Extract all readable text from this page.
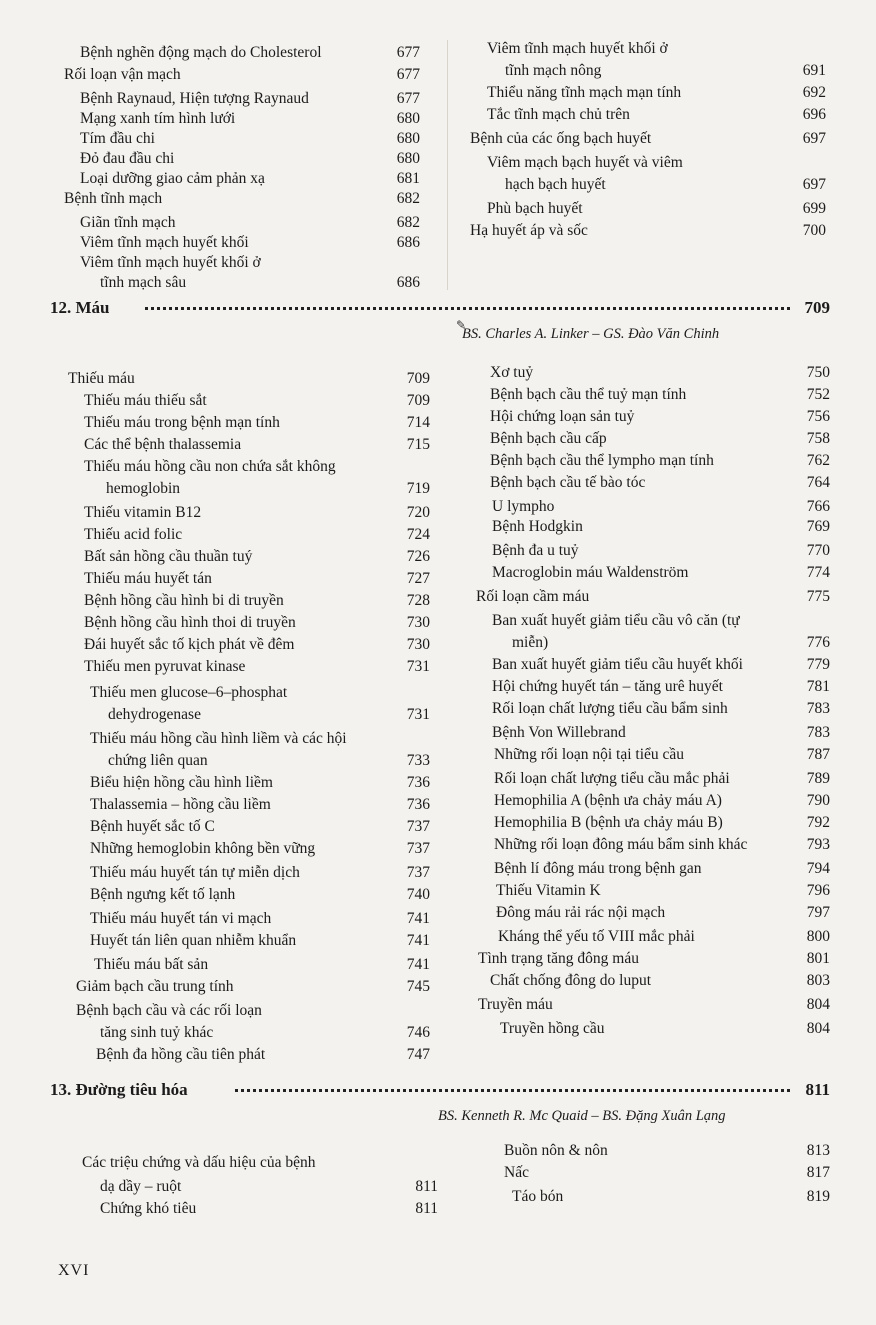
Bệnh nghẽn động mạch do Cholesterol	677
Rối loạn vận mạch	677
Bệnh Raynaud, Hiện tượng Raynaud	677
Mạng xanh tím hình lưới	680
Tím đầu chi	680
Đỏ đau đầu chi	680
Loại dưỡng giao cảm phản xạ	681
Bệnh tĩnh mạch	682
Giãn tĩnh mạch	682
Viêm tĩnh mạch huyết khối	686
Viêm tĩnh mạch huyết khối ở
tĩnh mạch sâu	686
Viêm tĩnh mạch huyết khối ở
tĩnh mạch nông	691
Thiểu năng tĩnh mạch mạn tính	692
Tắc tĩnh mạch chủ trên	696
Bệnh của các ống bạch huyết	697
Viêm mạch bạch huyết và viêm
hạch bạch huyết	697
Phù bạch huyết	699
Hạ huyết áp và sốc	700
12. Máu	709
✎
BS. Charles A. Linker – GS. Đào Văn Chinh
Thiếu máu	709
Thiếu máu thiếu sắt	709
Thiếu máu trong bệnh mạn tính	714
Các thể bệnh thalassemia	715
Thiếu máu hồng cầu non chứa sắt không
hemoglobin	719
Thiếu vitamin B12	720
Thiếu acid folic	724
Bất sản hồng cầu thuần tuý	726
Thiếu máu huyết tán	727
Bệnh hồng cầu hình bi di truyền	728
Bệnh hồng cầu hình thoi di truyền	730
Đái huyết sắc tố kịch phát về đêm	730
Thiếu men pyruvat kinase	731
Thiếu men glucose–6–phosphat
dehydrogenase	731
Thiếu máu hồng cầu hình liềm và các hội
chứng liên quan	733
Biểu hiện hồng cầu hình liềm	736
Thalassemia – hồng cầu liềm	736
Bệnh huyết sắc tố C	737
Những hemoglobin không bền vững	737
Thiếu máu huyết tán tự miễn dịch	737
Bệnh ngưng kết tố lạnh	740
Thiếu máu huyết tán vi mạch	741
Huyết tán liên quan nhiễm khuẩn	741
Thiếu máu bất sản	741
Giảm bạch cầu trung tính	745
Bệnh bạch cầu và các rối loạn
tăng sinh tuỷ khác	746
Bệnh đa hồng cầu tiên phát	747
Xơ tuỷ	750
Bệnh bạch cầu thể tuỷ mạn tính	752
Hội chứng loạn sản tuỷ	756
Bệnh bạch cầu cấp	758
Bệnh bạch cầu thể lympho mạn tính	762
Bệnh bạch cầu tế bào tóc	764
U lympho	766
Bệnh Hodgkin	769
Bệnh đa u tuỷ	770
Macroglobin máu Waldenström	774
Rối loạn cầm máu	775
Ban xuất huyết giảm tiểu cầu vô căn (tự
miễn)	776
Ban xuất huyết giảm tiểu cầu huyết khối	779
Hội chứng huyết tán – tăng urê huyết	781
Rối loạn chất lượng tiểu cầu bẩm sinh	783
Bệnh Von Willebrand	783
Những rối loạn nội tại tiểu cầu	787
Rối loạn chất lượng tiểu cầu mắc phải	789
Hemophilia A (bệnh ưa chảy máu A)	790
Hemophilia B (bệnh ưa chảy máu B)	792
Những rối loạn đông máu bẩm sinh khác	793
Bệnh lí đông máu trong bệnh gan	794
Thiếu Vitamin K	796
Đông máu rải rác nội mạch	797
Kháng thể yếu tố VIII mắc phải	800
Tình trạng tăng đông máu	801
Chất chống đông do luput	803
Truyền máu	804
Truyền hồng cầu	804
13. Đường tiêu hóa	811
BS. Kenneth R. Mc Quaid – BS. Đặng Xuân Lạng
Các triệu chứng và dấu hiệu của bệnh
dạ dầy – ruột	811
Chứng khó tiêu	811
Buồn nôn & nôn	813
Nấc	817
Táo bón	819
XVI
